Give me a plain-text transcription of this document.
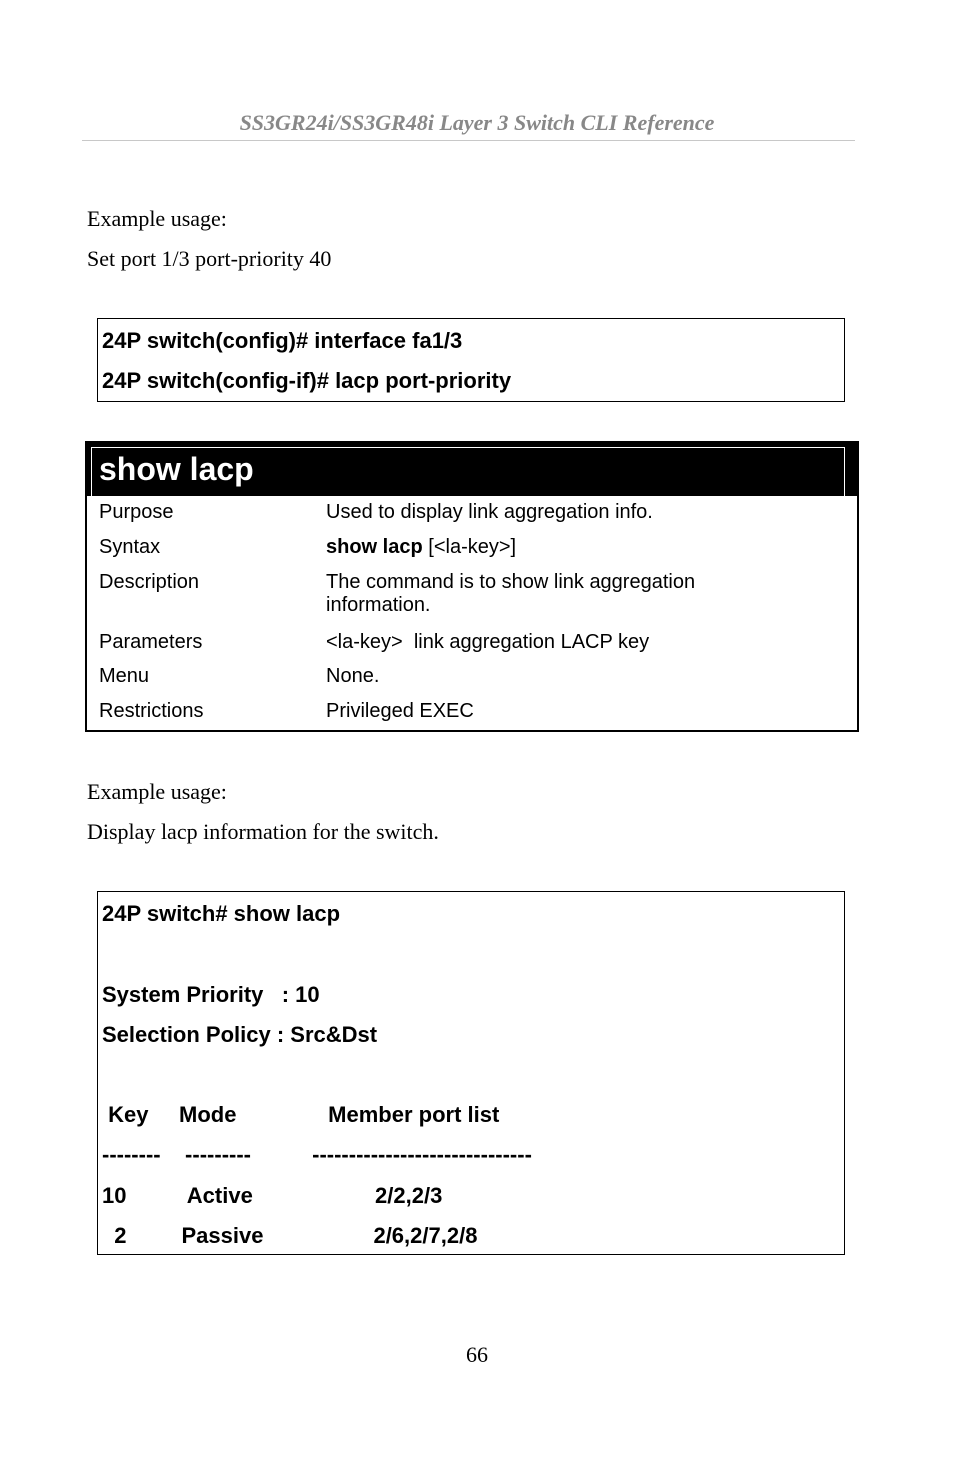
SS3GR24i/SS3GR48i Layer 3 Switch CLI Reference
Example usage:
Set port 1/3 port-priority 40
24P switch(config)# interface fa1/3
24P switch(config-if)# lacp port-priority
show lacp
Purpose	Used to display link aggregation info.
Syntax	show lacp [<la-key>]
Description	The command is to show link aggregation information.
Parameters	<la-key>  link aggregation LACP key
Menu	None.
Restrictions	Privileged EXEC
Example usage:
Display lacp information for the switch.
24P switch# show lacp
System Priority   : 10
Selection Policy : Src&Dst
Key     Mode               Member port list
--------    ---------          ------------------------------
10          Active                    2/2,2/3
2         Passive                  2/6,2/7,2/8
66
